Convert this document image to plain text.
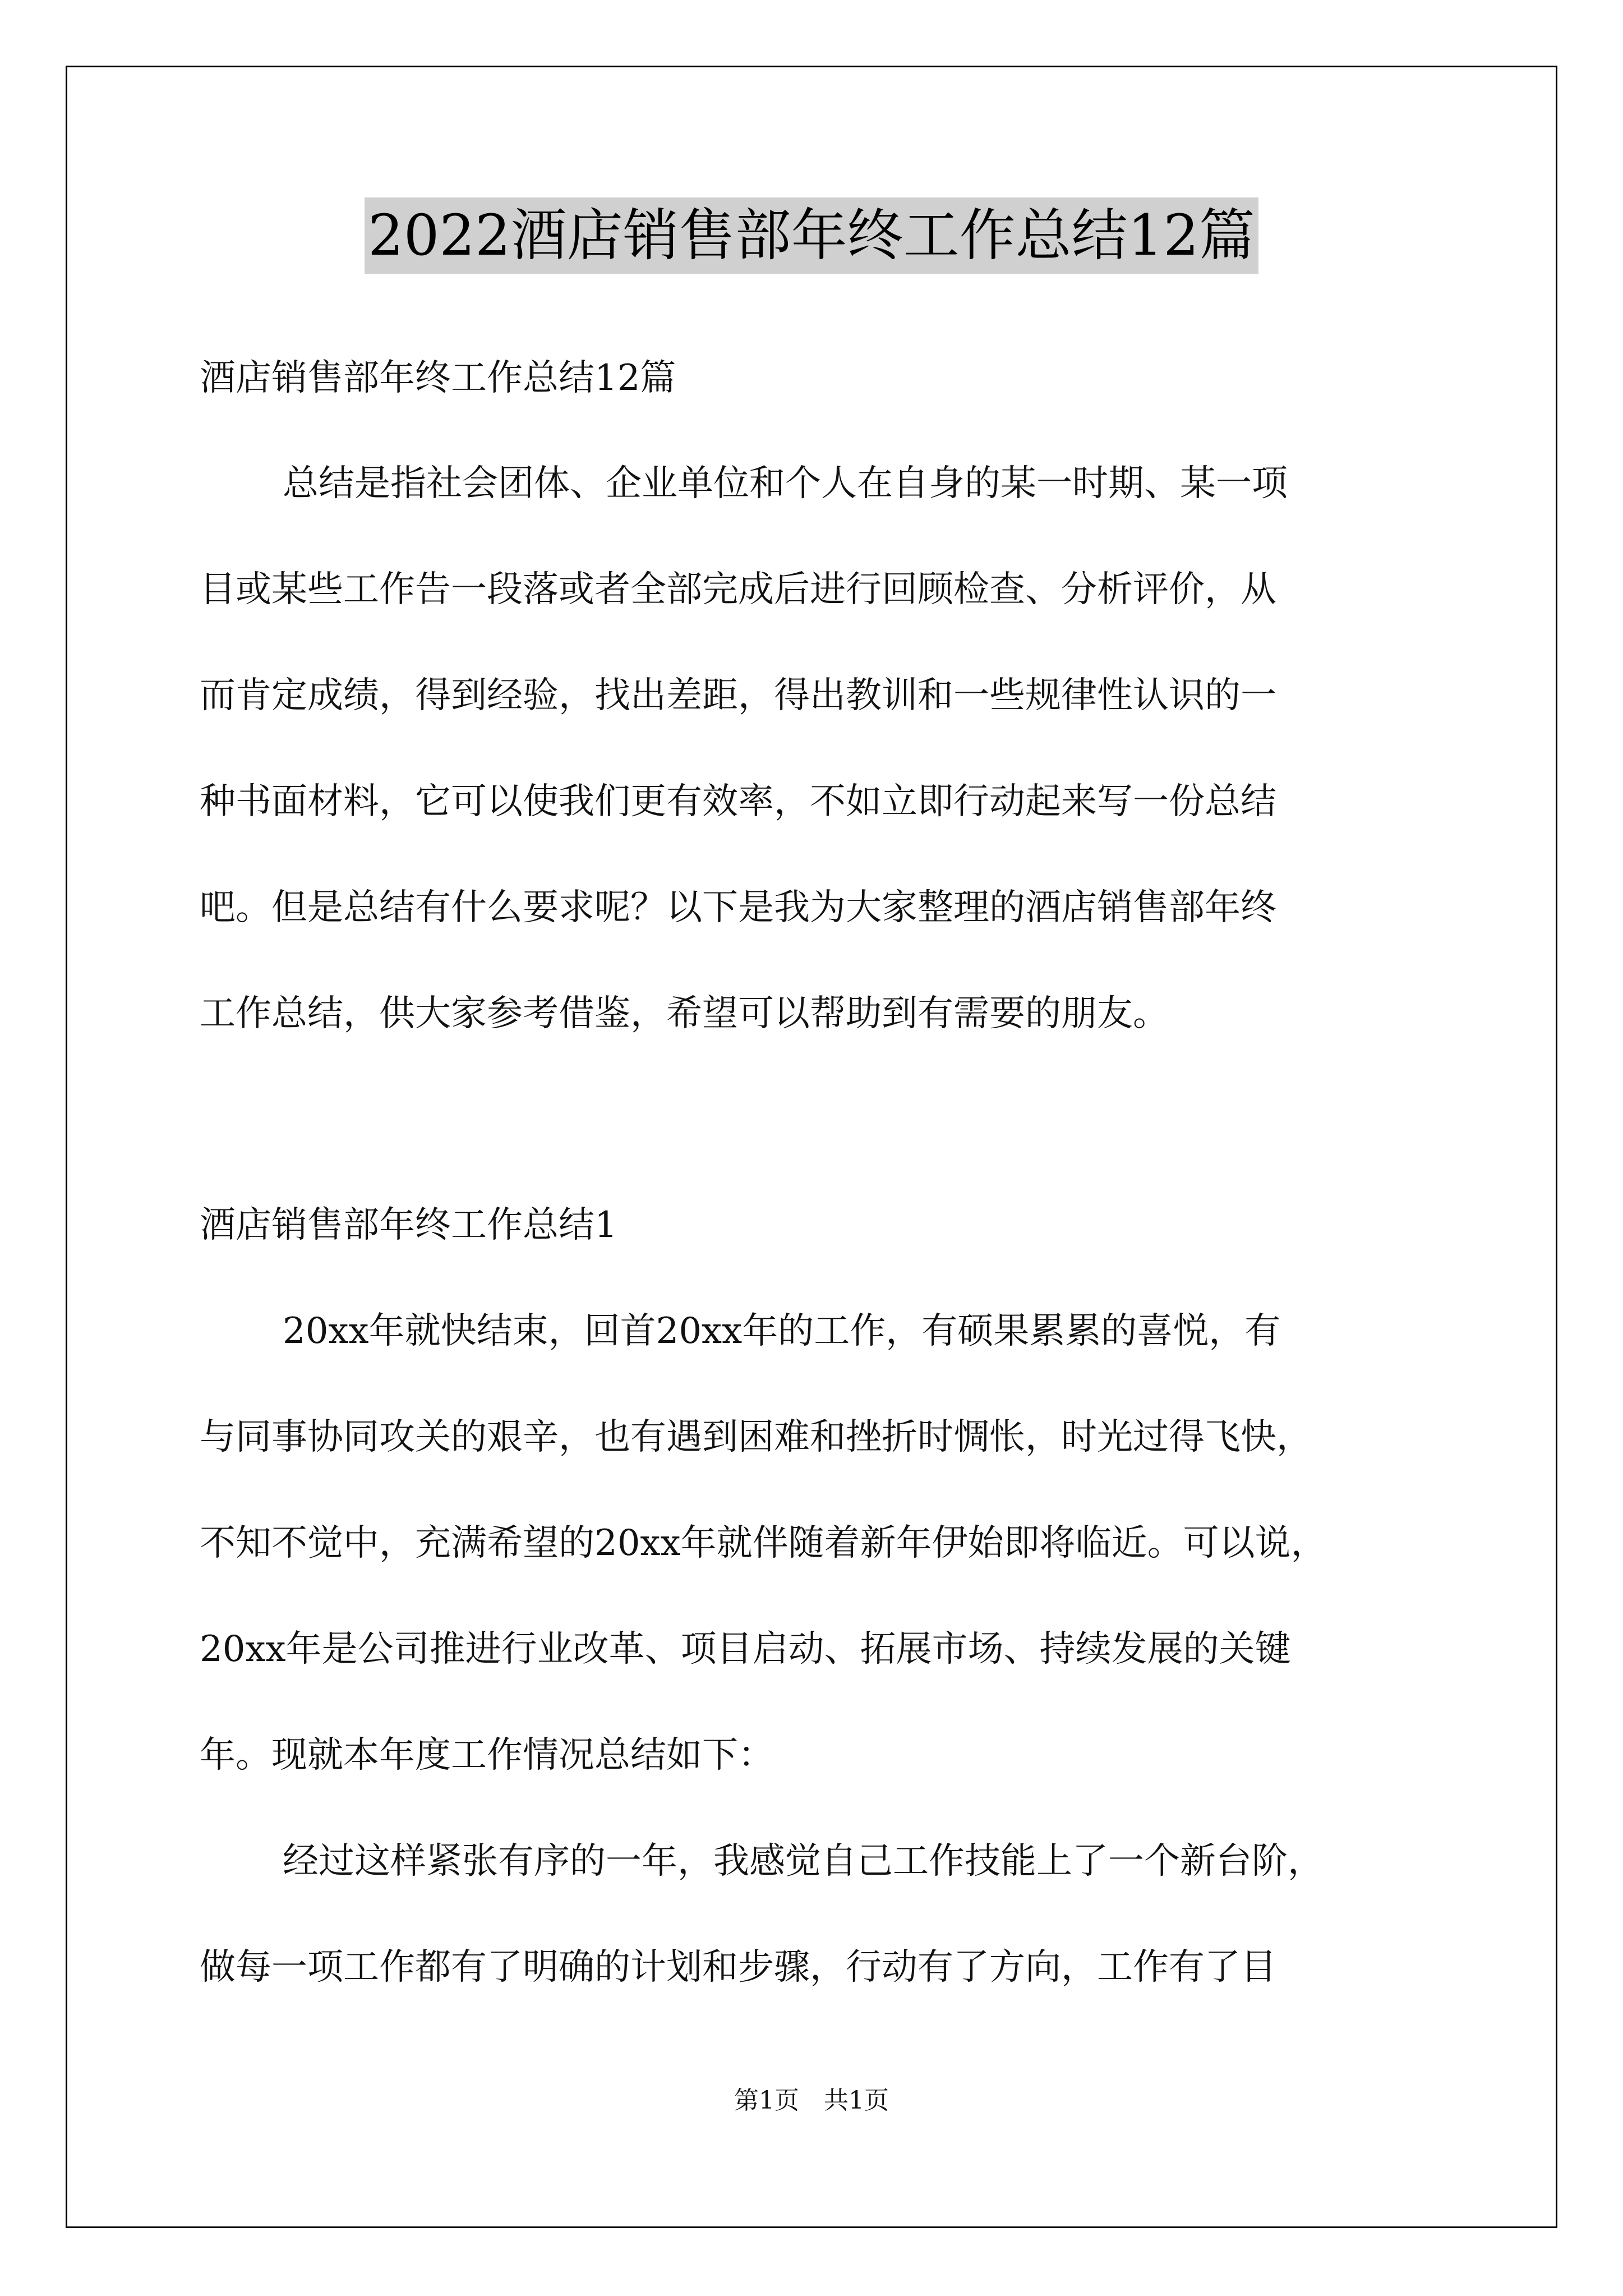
2022酒店销售部年终工作总结12篇
酒店销售部年终工作总结12篇
总结是指社会团体、企业单位和个人在自身的某一时期、某一项
目或某些工作告一段落或者全部完成后进行回顾检查、分析评价，从
而肯定成绩，得到经验，找出差距，得出教训和一些规律性认识的一
种书面材料，它可以使我们更有效率，不如立即行动起来写一份总结
吧。但是总结有什么要求呢？以下是我为大家整理的酒店销售部年终
工作总结，供大家参考借鉴，希望可以帮助到有需要的朋友。
酒店销售部年终工作总结1
20xx年就快结束，回首20xx年的工作，有硕果累累的喜悦，有
与同事协同攻关的艰辛，也有遇到困难和挫折时惆怅，时光过得飞快，
不知不觉中，充满希望的20xx年就伴随着新年伊始即将临近。可以说，
20xx年是公司推进行业改革、项目启动、拓展市场、持续发展的关键
年。现就本年度工作情况总结如下：
经过这样紧张有序的一年，我感觉自己工作技能上了一个新台阶，
做每一项工作都有了明确的计划和步骤，行动有了方向，工作有了目
第1页　共1页
